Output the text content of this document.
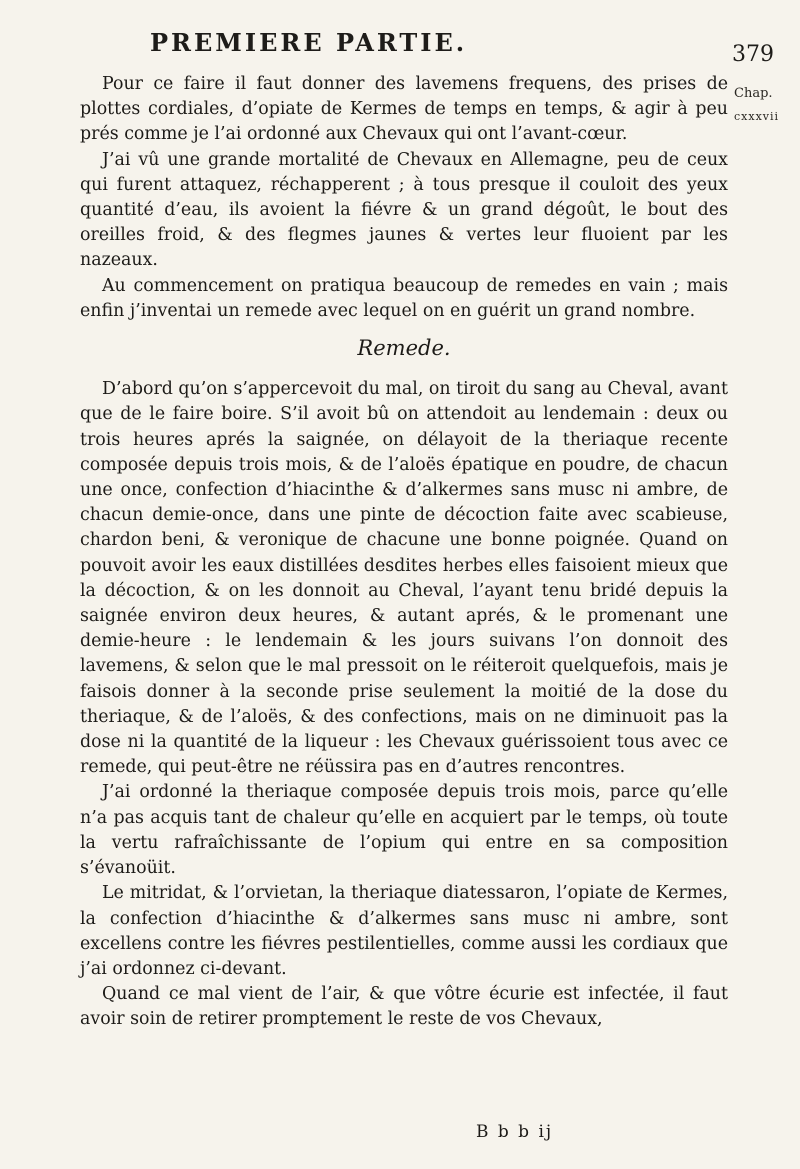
PREMIERE PARTIE.	379
Chap.
cxxxvii

Pour ce faire il faut donner des lavemens frequens, des prises de plottes cordiales, d’opiate de Kermes de temps en temps, & agir à peu prés comme je l’ai ordonné aux Chevaux qui ont l’avant-cœur.

J’ai vû une grande mortalité de Chevaux en Allemagne, peu de ceux qui furent attaquez, réchapperent ; à tous presque il couloit des yeux quantité d’eau, ils avoient la fiévre & un grand dégoût, le bout des oreilles froid, & des flegmes jaunes & vertes leur fluoient par les nazeaux.

Au commencement on pratiqua beaucoup de remedes en vain ; mais enfin j’inventai un remede avec lequel on en guérit un grand nombre.

Remede.

D’abord qu’on s’appercevoit du mal, on tiroit du sang au Cheval, avant que de le faire boire. S’il avoit bû on attendoit au lendemain : deux ou trois heures aprés la saignée, on délayoit de la theriaque recente composée depuis trois mois, & de l’aloës épatique en poudre, de chacun une once, confection d’hiacinthe & d’alkermes sans musc ni ambre, de chacun demie-once, dans une pinte de décoction faite avec scabieuse, chardon beni, & veronique de chacune une bonne poignée. Quand on pouvoit avoir les eaux distillées desdites herbes elles faisoient mieux que la décoction, & on les donnoit au Cheval, l’ayant tenu bridé depuis la saignée environ deux heures, & autant aprés, & le promenant une demie-heure : le lendemain & les jours suivans l’on donnoit des lavemens, & selon que le mal pressoit on le réiteroit quelquefois, mais je faisois donner à la seconde prise seulement la moitié de la dose du theriaque, & de l’aloës, & des confections, mais on ne diminuoit pas la dose ni la quantité de la liqueur : les Chevaux guérissoient tous avec ce remede, qui peut-être ne réüssira pas en d’autres rencontres.

J’ai ordonné la theriaque composée depuis trois mois, parce qu’elle n’a pas acquis tant de chaleur qu’elle en acquiert par le temps, où toute la vertu rafraîchissante de l’opium qui entre en sa composition s’évanoüit.

Le mitridat, & l’orvietan, la theriaque diatessaron, l’opiate de Kermes, la confection d’hiacinthe & d’alkermes sans musc ni ambre, sont excellens contre les fiévres pestilentielles, comme aussi les cordiaux que j’ai ordonnez ci-devant.

Quand ce mal vient de l’air, & que vôtre écurie est infectée, il faut avoir soin de retirer promptement le reste de vos Chevaux,

B b b ij
